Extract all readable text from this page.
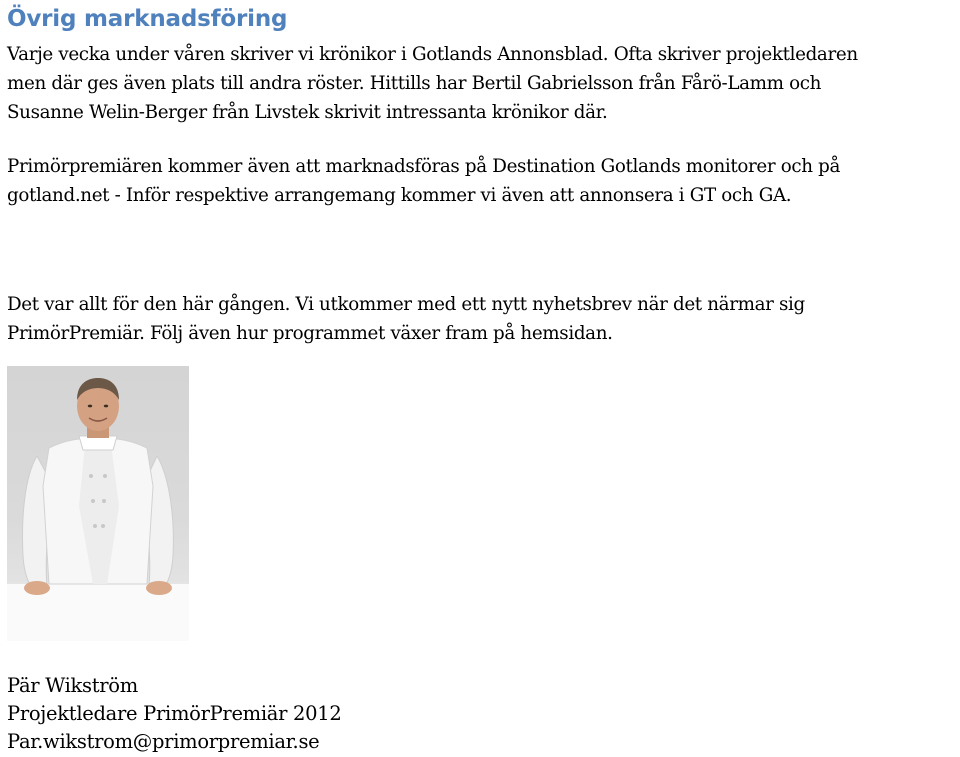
Övrig marknadsföring

Varje vecka under våren skriver vi krönikor i Gotlands Annonsblad. Ofta skriver projektledaren
men där ges även plats till andra röster. Hittills har Bertil Gabrielsson från Fårö-Lamm och
Susanne Welin-Berger från Livstek skrivit intressanta krönikor där.

Primörpremiären kommer även att marknadsföras på Destination Gotlands monitorer och på
gotland.net - Inför respektive arrangemang kommer vi även att annonsera i GT och GA.

Det var allt för den här gången. Vi utkommer med ett nytt nyhetsbrev när det närmar sig
PrimörPremiär. Följ även hur programmet växer fram på hemsidan.

Pär Wikström

Projektledare PrimörPremiär 2012

Par.wikstrom@primorpremiar.se
